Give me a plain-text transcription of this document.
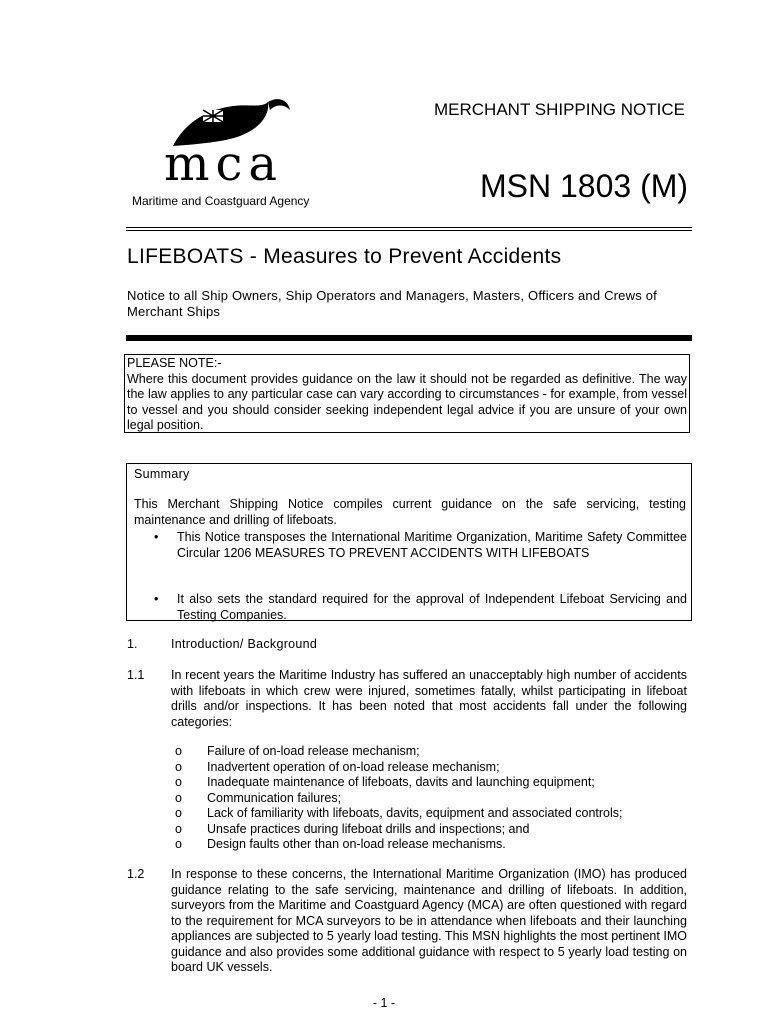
mca
Maritime and Coastguard Agency
MERCHANT SHIPPING NOTICE
MSN 1803 (M)
LIFEBOATS - Measures to Prevent Accidents
Notice to all Ship Owners, Ship Operators and Managers, Masters, Officers and Crews of Merchant Ships

PLEASE NOTE:-

Where this document provides guidance on the law it should not be regarded as definitive. The way the law applies to any particular case can vary according to circumstances - for example, from vessel to vessel and you should consider seeking independent legal advice if you are unsure of your own legal position.

Summary
This Merchant Shipping Notice compiles current guidance on the safe servicing, testing maintenance and drilling of lifeboats.
•	This Notice transposes the International Maritime Organization, Maritime Safety Committee Circular 1206 MEASURES TO PREVENT ACCIDENTS WITH LIFEBOATS
•	It also sets the standard required for the approval of Independent Lifeboat Servicing and Testing Companies.
1.	Introduction/ Background
1.1 In recent years the Maritime Industry has suffered an unacceptably high number of accidents with lifeboats in which crew were injured, sometimes fatally, whilst participating in lifeboat drills and/or inspections. It has been noted that most accidents fall under the following categories:
o Failure of on-load release mechanism;
o Inadvertent operation of on-load release mechanism;
o Inadequate maintenance of lifeboats, davits and launching equipment;
o Communication failures;
o Lack of familiarity with lifeboats, davits, equipment and associated controls;
o Unsafe practices during lifeboat drills and inspections; and
o Design faults other than on-load release mechanisms.
1.2 In response to these concerns, the International Maritime Organization (IMO) has produced guidance relating to the safe servicing, maintenance and drilling of lifeboats. In addition, surveyors from the Maritime and Coastguard Agency (MCA) are often questioned with regard to the requirement for MCA surveyors to be in attendance when lifeboats and their launching appliances are subjected to 5 yearly load testing. This MSN highlights the most pertinent IMO guidance and also provides some additional guidance with respect to 5 yearly load testing on board UK vessels.
- 1 -
